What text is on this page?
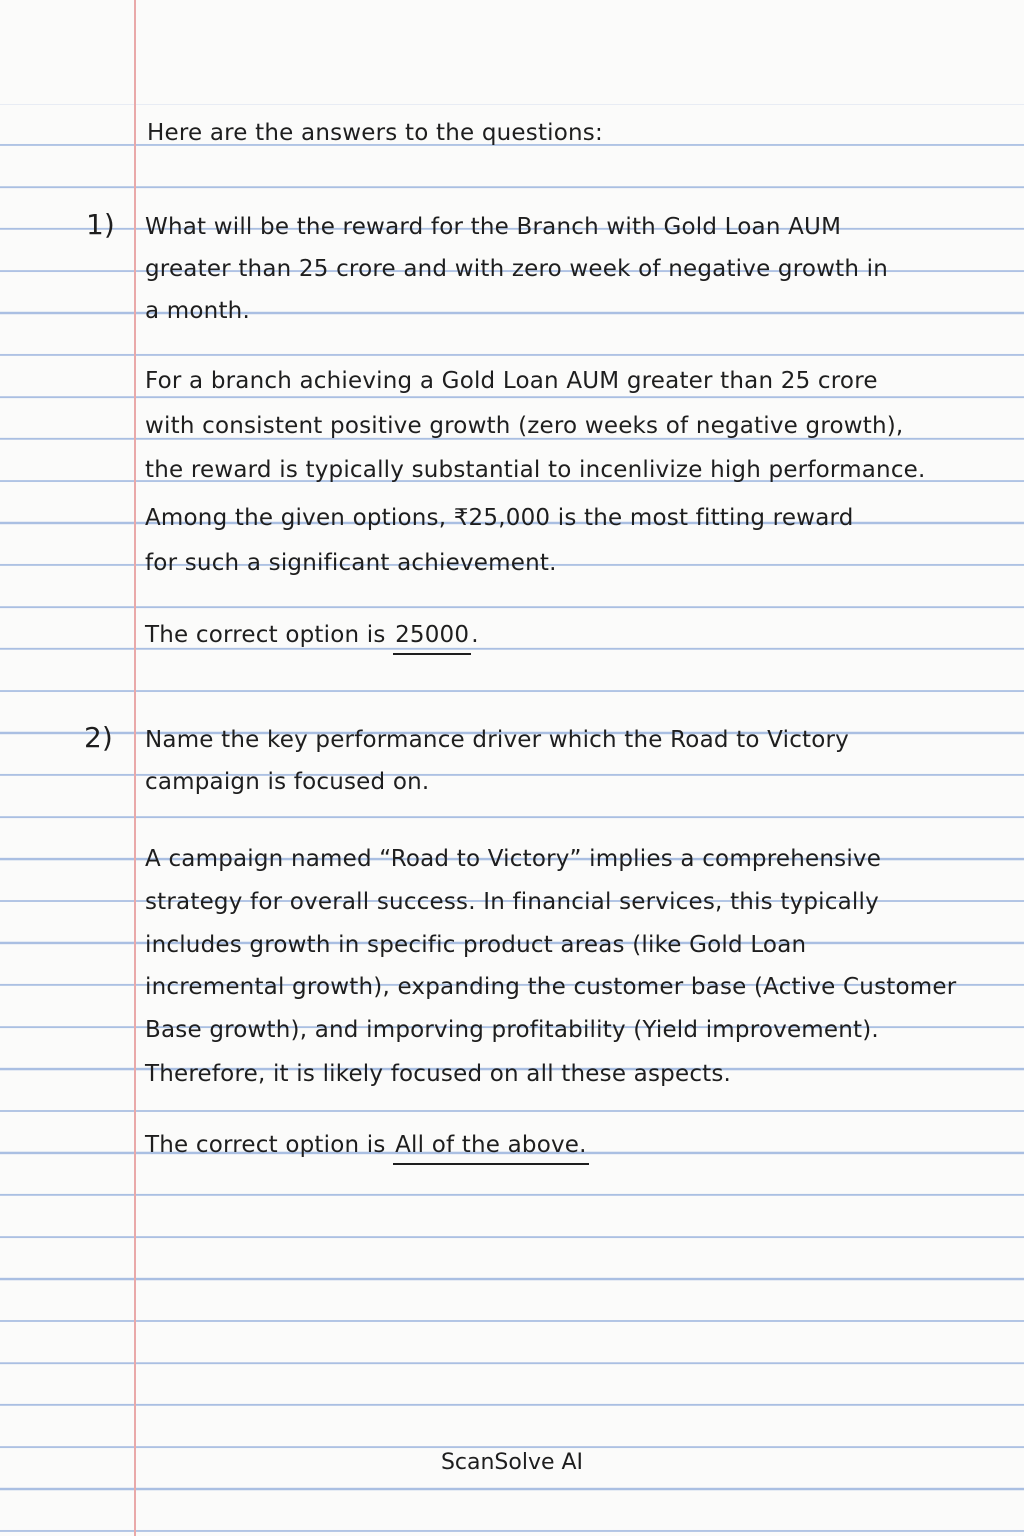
Here are the answers to the questions:

1) What will be the reward for the Branch with Gold Loan AUM

greater than 25 crore and with zero week of negative growth in

a month.

For a branch achieving a Gold Loan AUM greater than 25 crore

with consistent positive growth (zero weeks of negative growth),

the reward is typically substantial to incenlivize high performance.

Among the given options, ₹25,000 is the most fitting reward

for such a significant achievement.

The correct option is 25000.

2) Name the key performance driver which the Road to Victory

campaign is focused on.

A campaign named “Road to Victory” implies a comprehensive

strategy for overall success. In financial services, this typically

includes growth in specific product areas (like Gold Loan

incremental growth), expanding the customer base (Active Customer

Base growth), and imporving profitability (Yield improvement).

Therefore, it is likely focused on all these aspects.

The correct option is All of the above.

ScanSolve AI
